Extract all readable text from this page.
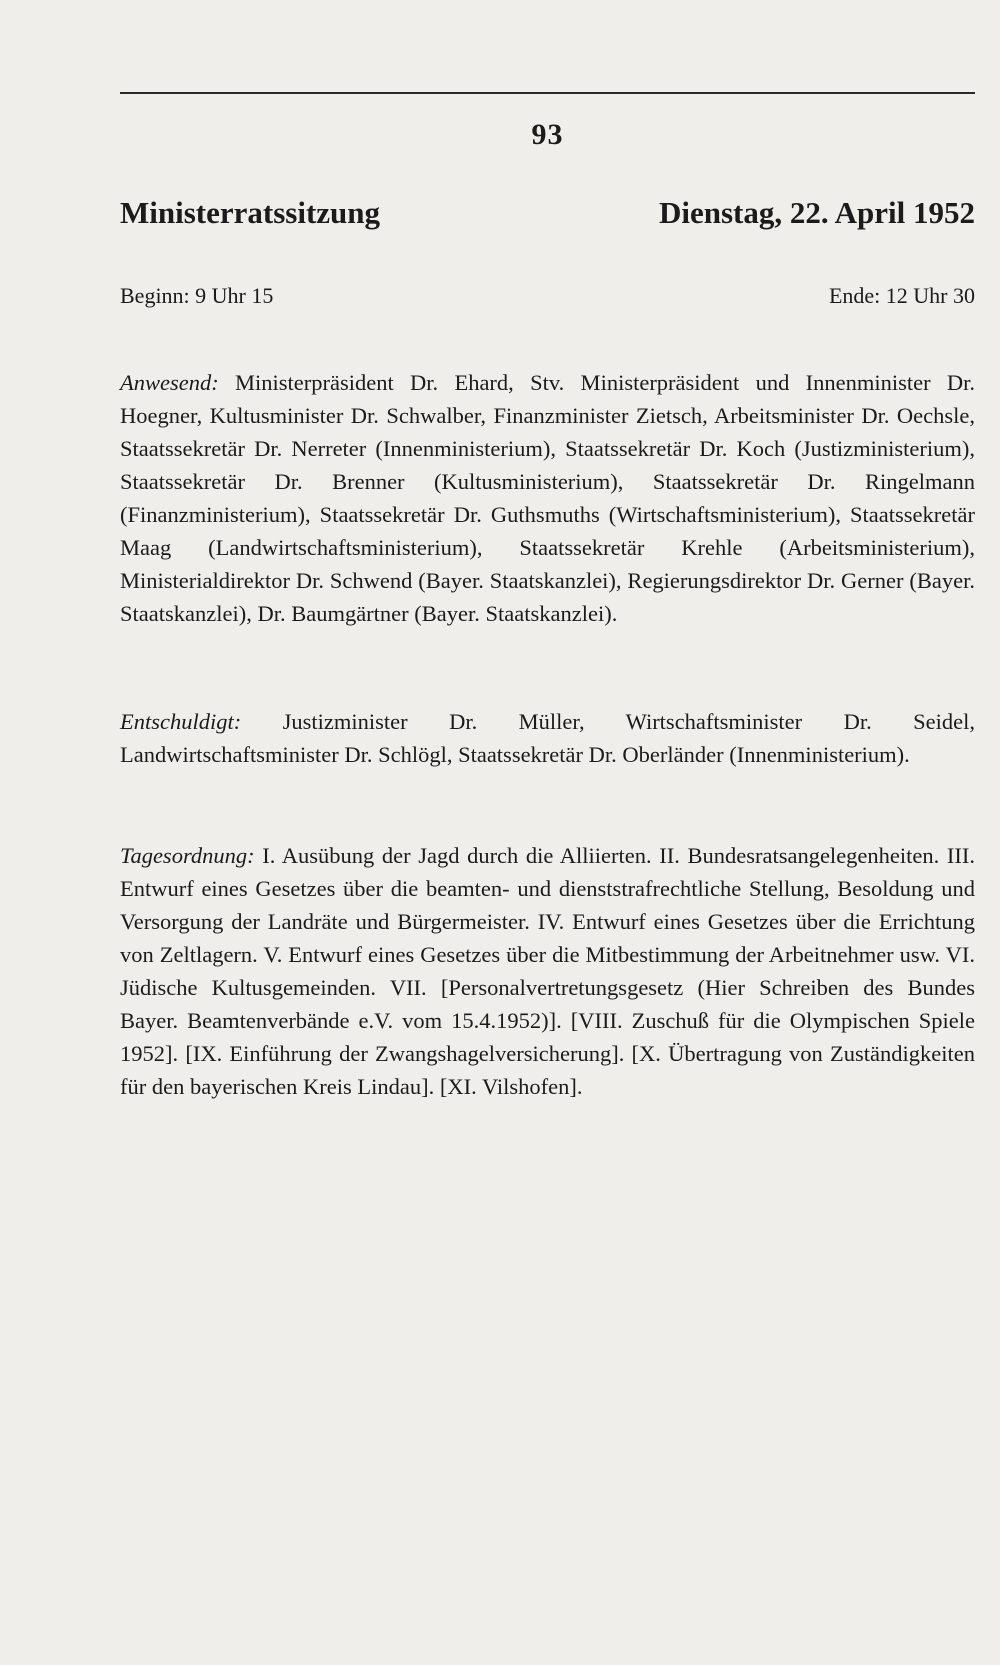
93
Ministerratssitzung	Dienstag, 22. April 1952
Beginn: 9 Uhr 15	Ende: 12 Uhr 30
Anwesend: Ministerpräsident Dr. Ehard, Stv. Ministerpräsident und Innenminister Dr. Hoegner, Kultusminister Dr. Schwalber, Finanzminister Zietsch, Arbeitsminister Dr. Oechsle, Staatssekretär Dr. Nerreter (Innenministerium), Staatssekretär Dr. Koch (Justizministerium), Staatssekretär Dr. Brenner (Kultusministerium), Staatssekretär Dr. Ringelmann (Finanzministerium), Staatssekretär Dr. Guthsmuths (Wirtschaftsministerium), Staatssekretär Maag (Landwirtschaftsministerium), Staatssekretär Krehle (Arbeitsministerium), Ministerialdirektor Dr. Schwend (Bayer. Staatskanzlei), Regierungsdirektor Dr. Gerner (Bayer. Staatskanzlei), Dr. Baumgärtner (Bayer. Staatskanzlei).
Entschuldigt: Justizminister Dr. Müller, Wirtschaftsminister Dr. Seidel, Landwirtschaftsminister Dr. Schlögl, Staatssekretär Dr. Oberländer (Innenministerium).
Tagesordnung: I. Ausübung der Jagd durch die Alliierten. II. Bundesratsangelegenheiten. III. Entwurf eines Gesetzes über die beamten- und dienststrafrechtliche Stellung, Besoldung und Versorgung der Landräte und Bürgermeister. IV. Entwurf eines Gesetzes über die Errichtung von Zeltlagern. V. Entwurf eines Gesetzes über die Mitbestimmung der Arbeitnehmer usw. VI. Jüdische Kultusgemeinden. VII. [Personalvertretungsgesetz (Hier Schreiben des Bundes Bayer. Beamtenverbände e.V. vom 15.4.1952)]. [VIII. Zuschuß für die Olympischen Spiele 1952]. [IX. Einführung der Zwangshagelversicherung]. [X. Übertragung von Zuständigkeiten für den bayerischen Kreis Lindau]. [XI. Vilshofen].
